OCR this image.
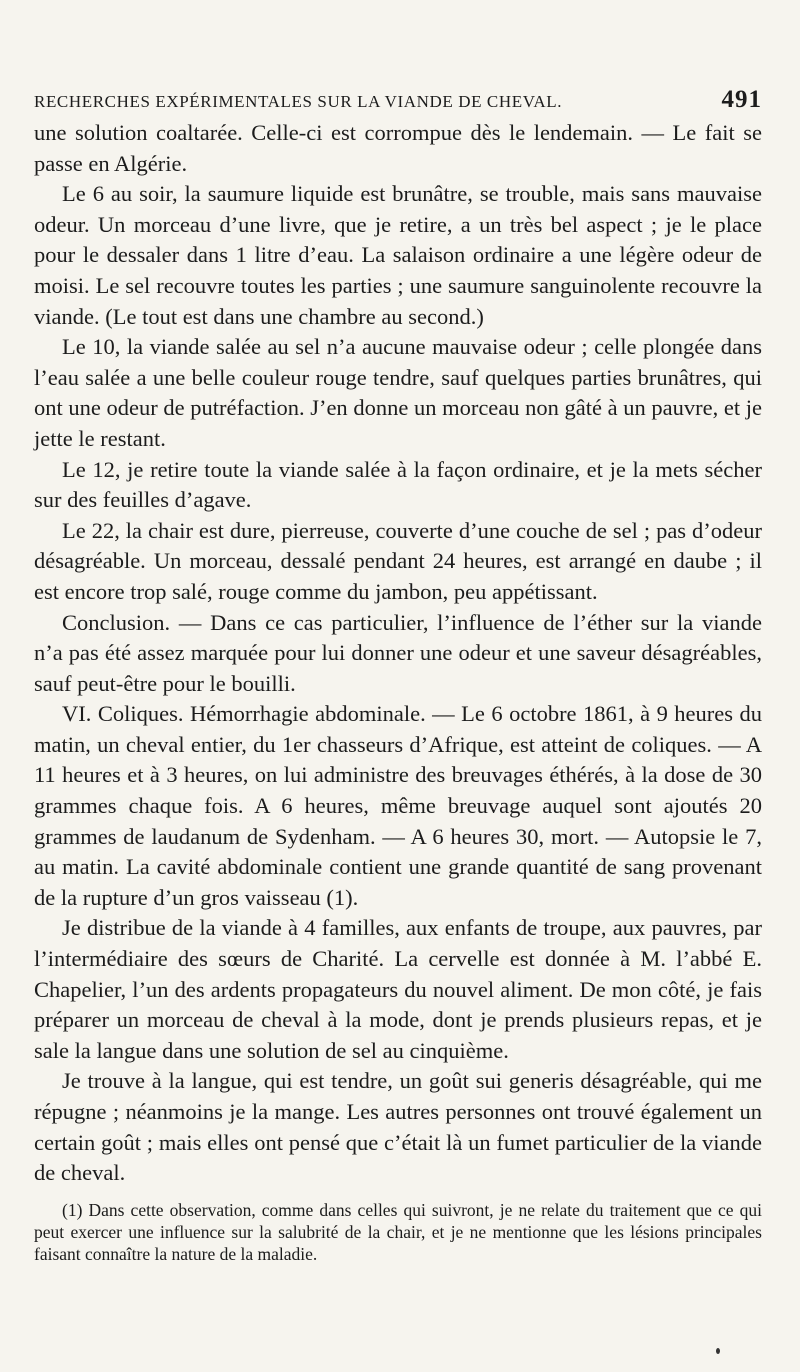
RECHERCHES EXPÉRIMENTALES SUR LA VIANDE DE CHEVAL.	491

une solution coaltarée. Celle-ci est corrompue dès le lendemain. — Le fait se passe en Algérie.

Le 6 au soir, la saumure liquide est brunâtre, se trouble, mais sans mauvaise odeur. Un morceau d’une livre, que je retire, a un très bel aspect ; je le place pour le dessaler dans 1 litre d’eau. La salaison ordinaire a une légère odeur de moisi. Le sel recouvre toutes les parties ; une saumure sanguinolente recouvre la viande. (Le tout est dans une chambre au second.)

Le 10, la viande salée au sel n’a aucune mauvaise odeur ; celle plongée dans l’eau salée a une belle couleur rouge tendre, sauf quelques parties brunâtres, qui ont une odeur de putréfaction. J’en donne un morceau non gâté à un pauvre, et je jette le restant.

Le 12, je retire toute la viande salée à la façon ordinaire, et je la mets sécher sur des feuilles d’agave.

Le 22, la chair est dure, pierreuse, couverte d’une couche de sel ; pas d’odeur désagréable. Un morceau, dessalé pendant 24 heures, est arrangé en daube ; il est encore trop salé, rouge comme du jambon, peu appétissant.

Conclusion. — Dans ce cas particulier, l’influence de l’éther sur la viande n’a pas été assez marquée pour lui donner une odeur et une saveur désagréables, sauf peut-être pour le bouilli.

VI. Coliques. Hémorrhagie abdominale. — Le 6 octobre 1861, à 9 heures du matin, un cheval entier, du 1er chasseurs d’Afrique, est atteint de coliques. — A 11 heures et à 3 heures, on lui administre des breuvages éthérés, à la dose de 30 grammes chaque fois. A 6 heures, même breuvage auquel sont ajoutés 20 grammes de laudanum de Sydenham. — A 6 heures 30, mort. — Autopsie le 7, au matin. La cavité abdominale contient une grande quantité de sang provenant de la rupture d’un gros vaisseau (1).

Je distribue de la viande à 4 familles, aux enfants de troupe, aux pauvres, par l’intermédiaire des sœurs de Charité. La cervelle est donnée à M. l’abbé E. Chapelier, l’un des ardents propagateurs du nouvel aliment. De mon côté, je fais préparer un morceau de cheval à la mode, dont je prends plusieurs repas, et je sale la langue dans une solution de sel au cinquième.

Je trouve à la langue, qui est tendre, un goût sui generis désagréable, qui me répugne ; néanmoins je la mange. Les autres personnes ont trouvé également un certain goût ; mais elles ont pensé que c’était là un fumet particulier de la viande de cheval.

(1) Dans cette observation, comme dans celles qui suivront, je ne relate du traitement que ce qui peut exercer une influence sur la salubrité de la chair, et je ne mentionne que les lésions principales faisant connaître la nature de la maladie.
